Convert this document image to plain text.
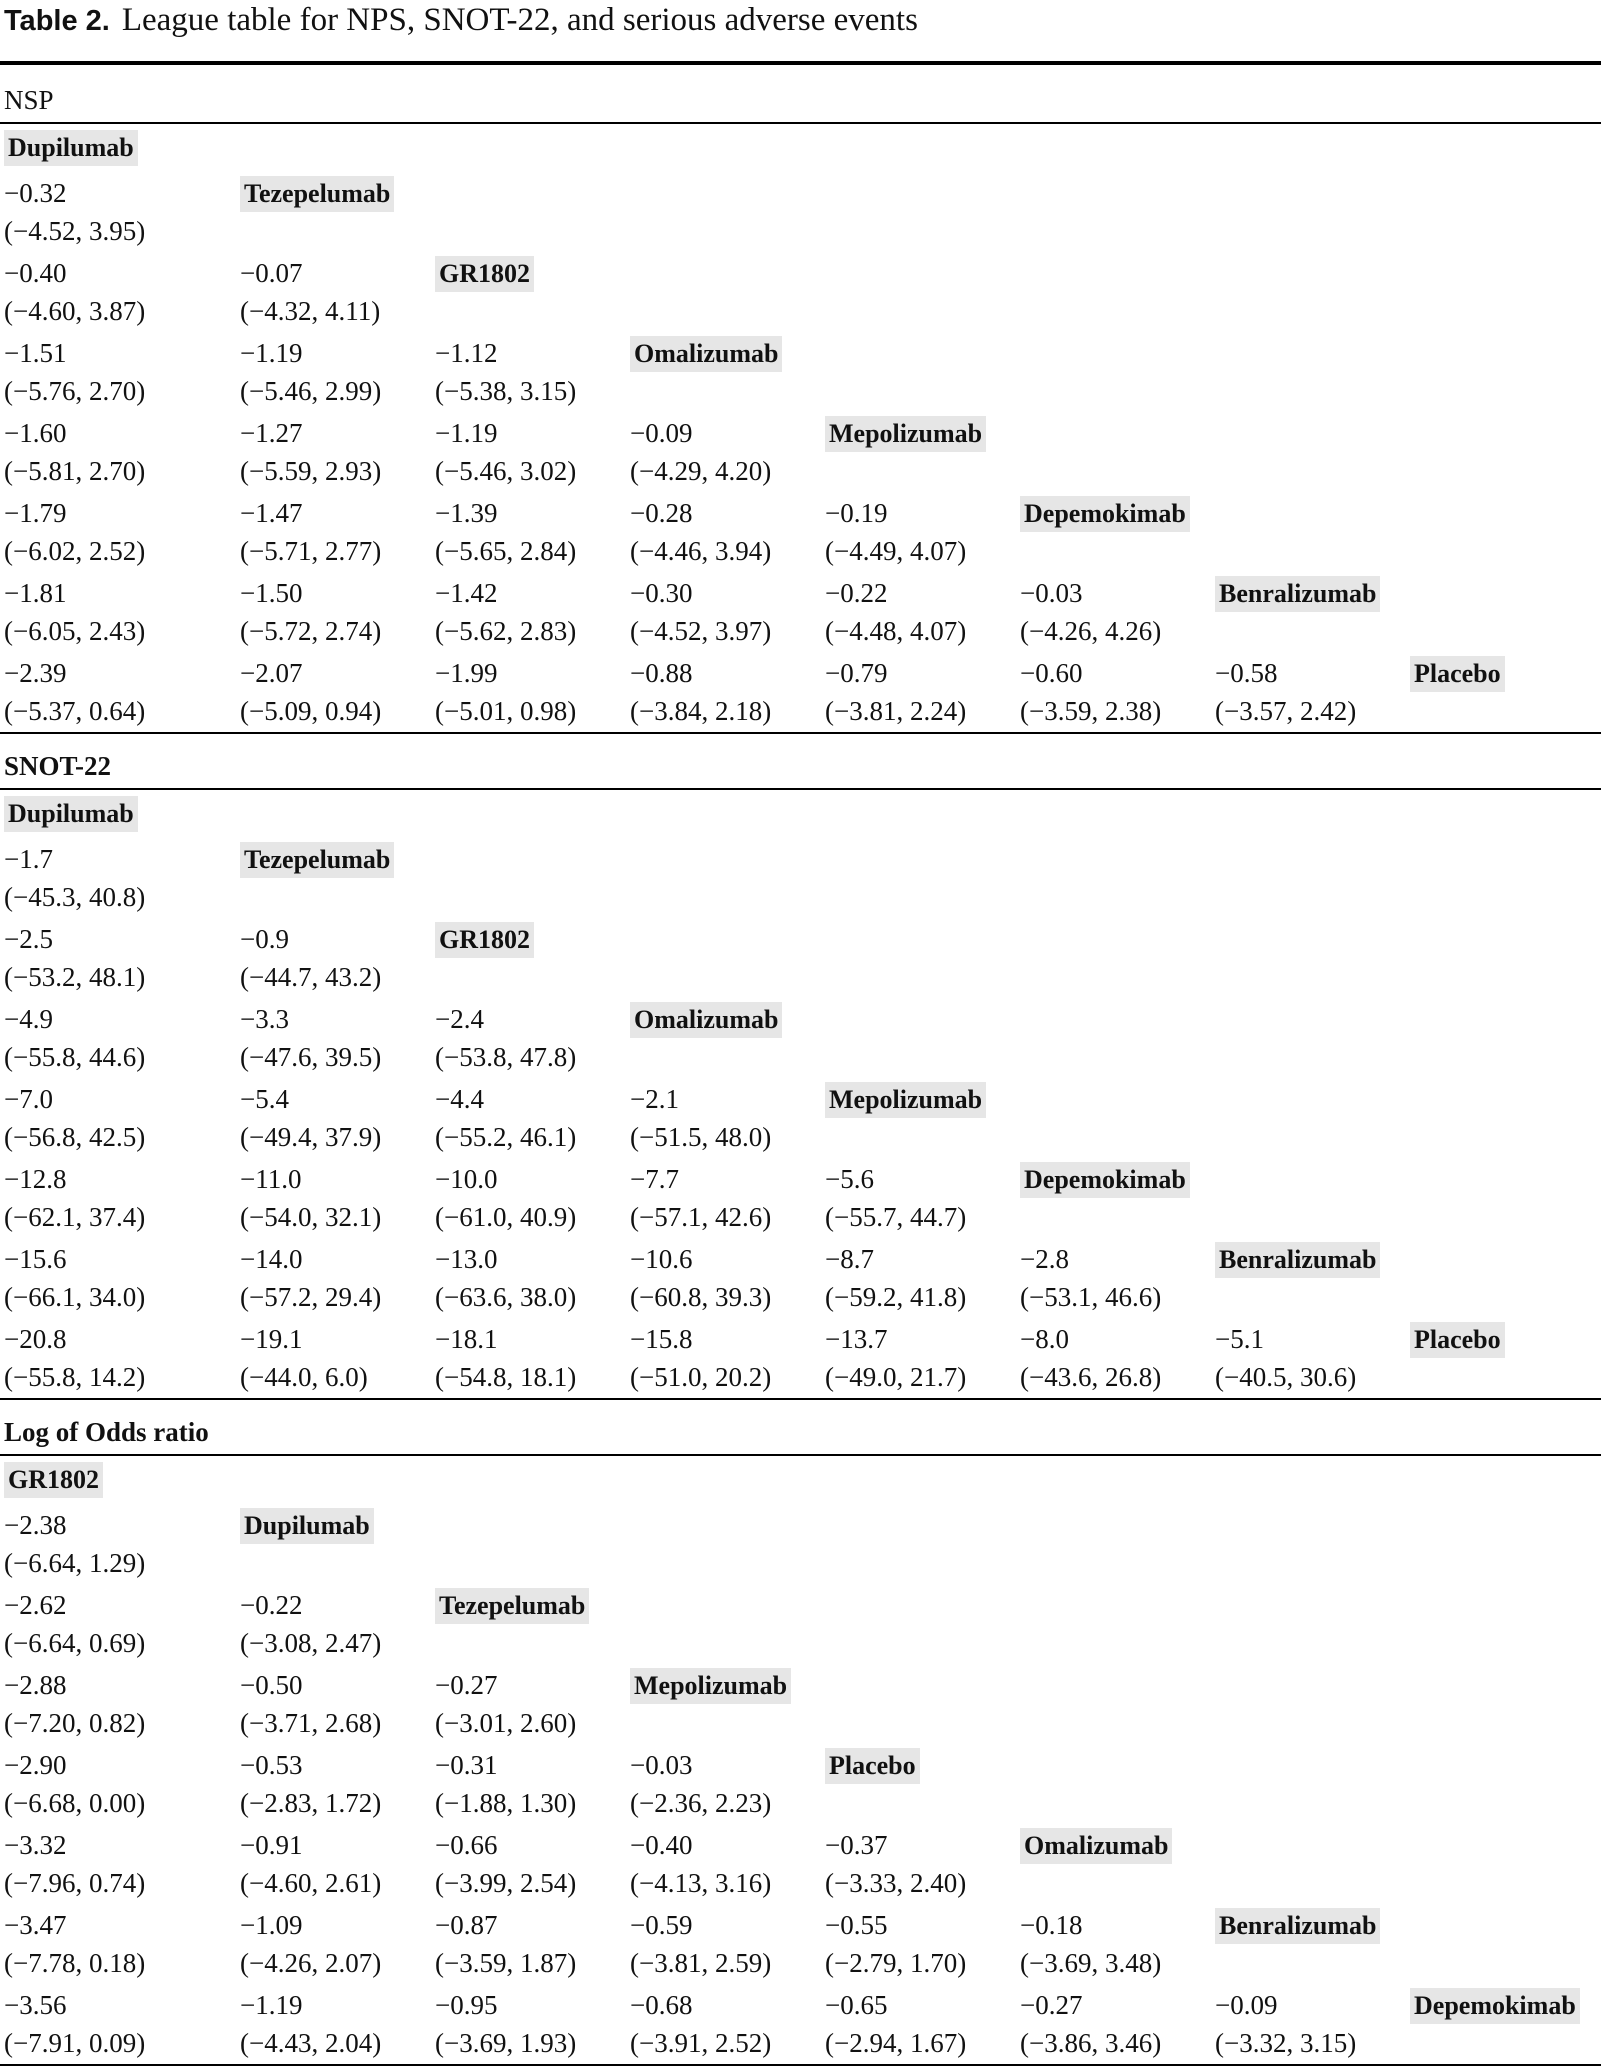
Table 2. League table for NPS, SNOT-22, and serious adverse events
NSP
Dupilumab
−0.32
(−4.52, 3.95)
Tezepelumab
−0.40
(−4.60, 3.87)
−0.07
(−4.32, 4.11)
GR1802
−1.51
(−5.76, 2.70)
−1.19
(−5.46, 2.99)
−1.12
(−5.38, 3.15)
Omalizumab
−1.60
(−5.81, 2.70)
−1.27
(−5.59, 2.93)
−1.19
(−5.46, 3.02)
−0.09
(−4.29, 4.20)
Mepolizumab
−1.79
(−6.02, 2.52)
−1.47
(−5.71, 2.77)
−1.39
(−5.65, 2.84)
−0.28
(−4.46, 3.94)
−0.19
(−4.49, 4.07)
Depemokimab
−1.81
(−6.05, 2.43)
−1.50
(−5.72, 2.74)
−1.42
(−5.62, 2.83)
−0.30
(−4.52, 3.97)
−0.22
(−4.48, 4.07)
−0.03
(−4.26, 4.26)
Benralizumab
−2.39
(−5.37, 0.64)
−2.07
(−5.09, 0.94)
−1.99
(−5.01, 0.98)
−0.88
(−3.84, 2.18)
−0.79
(−3.81, 2.24)
−0.60
(−3.59, 2.38)
−0.58
(−3.57, 2.42)
Placebo
SNOT-22
Dupilumab
−1.7
(−45.3, 40.8)
Tezepelumab
−2.5
(−53.2, 48.1)
−0.9
(−44.7, 43.2)
GR1802
−4.9
(−55.8, 44.6)
−3.3
(−47.6, 39.5)
−2.4
(−53.8, 47.8)
Omalizumab
−7.0
(−56.8, 42.5)
−5.4
(−49.4, 37.9)
−4.4
(−55.2, 46.1)
−2.1
(−51.5, 48.0)
Mepolizumab
−12.8
(−62.1, 37.4)
−11.0
(−54.0, 32.1)
−10.0
(−61.0, 40.9)
−7.7
(−57.1, 42.6)
−5.6
(−55.7, 44.7)
Depemokimab
−15.6
(−66.1, 34.0)
−14.0
(−57.2, 29.4)
−13.0
(−63.6, 38.0)
−10.6
(−60.8, 39.3)
−8.7
(−59.2, 41.8)
−2.8
(−53.1, 46.6)
Benralizumab
−20.8
(−55.8, 14.2)
−19.1
(−44.0, 6.0)
−18.1
(−54.8, 18.1)
−15.8
(−51.0, 20.2)
−13.7
(−49.0, 21.7)
−8.0
(−43.6, 26.8)
−5.1
(−40.5, 30.6)
Placebo
Log of Odds ratio
GR1802
−2.38
(−6.64, 1.29)
Dupilumab
−2.62
(−6.64, 0.69)
−0.22
(−3.08, 2.47)
Tezepelumab
−2.88
(−7.20, 0.82)
−0.50
(−3.71, 2.68)
−0.27
(−3.01, 2.60)
Mepolizumab
−2.90
(−6.68, 0.00)
−0.53
(−2.83, 1.72)
−0.31
(−1.88, 1.30)
−0.03
(−2.36, 2.23)
Placebo
−3.32
(−7.96, 0.74)
−0.91
(−4.60, 2.61)
−0.66
(−3.99, 2.54)
−0.40
(−4.13, 3.16)
−0.37
(−3.33, 2.40)
Omalizumab
−3.47
(−7.78, 0.18)
−1.09
(−4.26, 2.07)
−0.87
(−3.59, 1.87)
−0.59
(−3.81, 2.59)
−0.55
(−2.79, 1.70)
−0.18
(−3.69, 3.48)
Benralizumab
−3.56
(−7.91, 0.09)
−1.19
(−4.43, 2.04)
−0.95
(−3.69, 1.93)
−0.68
(−3.91, 2.52)
−0.65
(−2.94, 1.67)
−0.27
(−3.86, 3.46)
−0.09
(−3.32, 3.15)
Depemokimab
